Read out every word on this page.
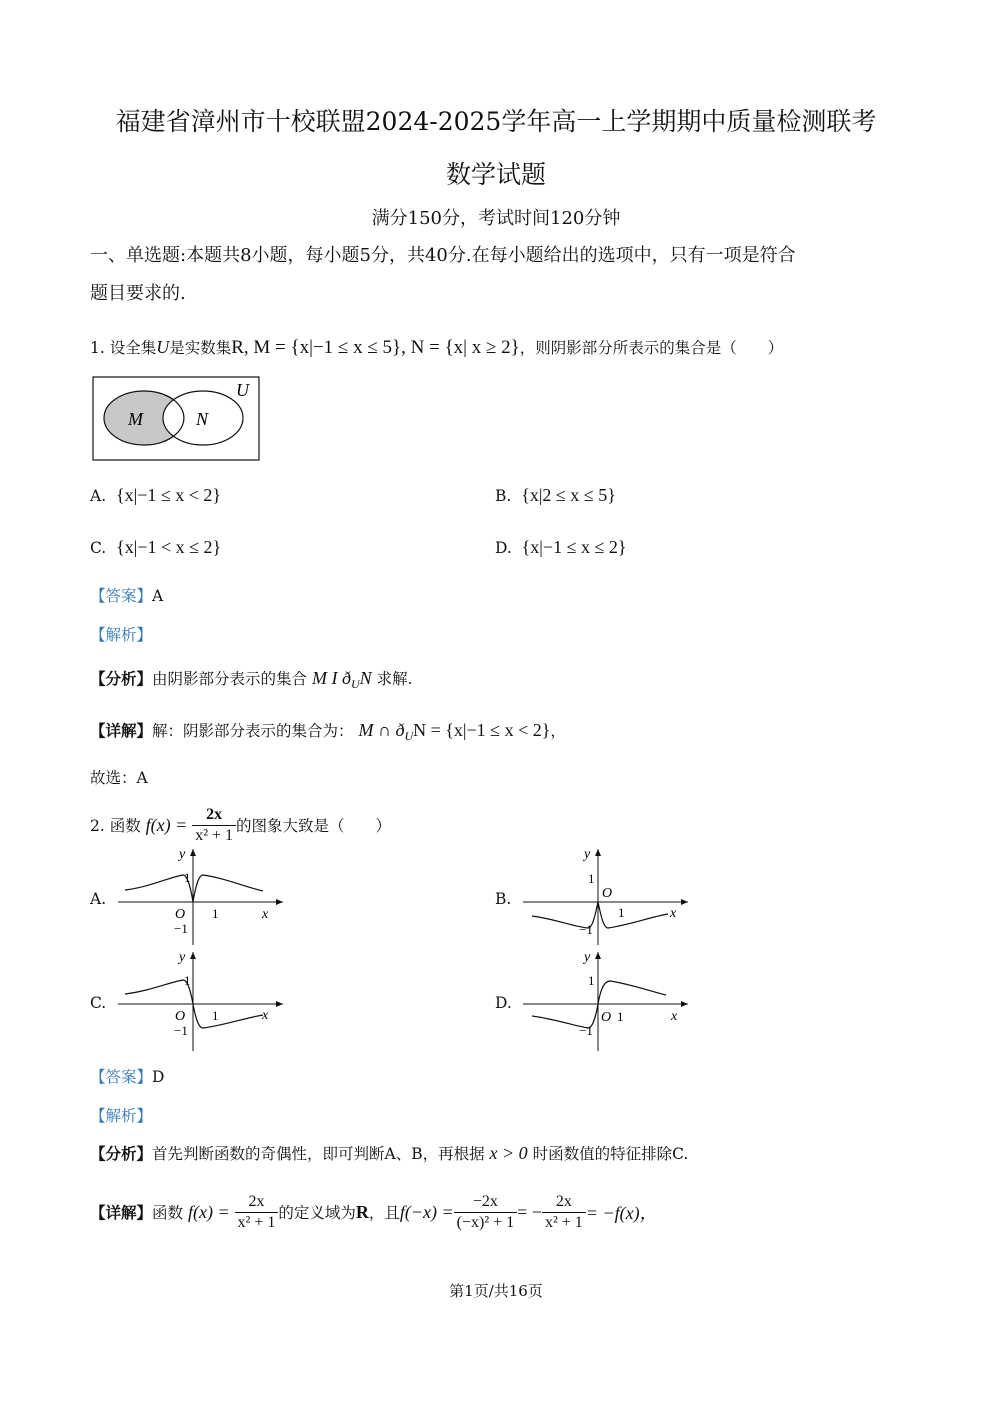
福建省漳州市十校联盟2024-2025学年高一上学期期中质量检测联考
数学试题
满分150分，考试时间120分钟
一、单选题:本题共8小题，每小题5分，共40分.在每小题给出的选项中，只有一项是符合
题目要求的.
1. 设全集U是实数集R, M = {x|−1 ≤ x ≤ 5}, N = {x| x ≥ 2}，则阴影部分所表示的集合是（　　）
U
M	N
A. {x|−1 ≤ x < 2}	B. {x|2 ≤ x ≤ 5}
C. {x|−1 < x ≤ 2}	D. {x|−1 ≤ x ≤ 2}
【答案】A
【解析】
【分析】由阴影部分表示的集合 M I $ð_UN$ 求解.
【详解】解：阴影部分表示的集合为： M ∩ $ð_UN = \{x|-1 \le x < 2\}$，
故选：A
2. 函数
f(x) =
$\frac{2x}{\text{x² + 1}}$ 的图象大致是（　　）
A.	B.
C.	D.
y
x
O
1
1
−1
y
x
O
1
1
−1
y
x
O
1
1
−1
y
x
O
1
1
−1
【答案】D
【解析】
【分析】首先判断函数的奇偶性，即可判断A、B，再根据 x > 0 时函数值的特征排除C.
【详解】 函数
f(x) =
$\frac{2x}{\text{x² + 1}}$ 的定义域为 R ，且 $f(-x) = \frac{-2x}{\text{(−x)² + 1}}$ = − $\frac{2x}{\text{x² + 1}} = -f(x)$，
第1页/共16页
